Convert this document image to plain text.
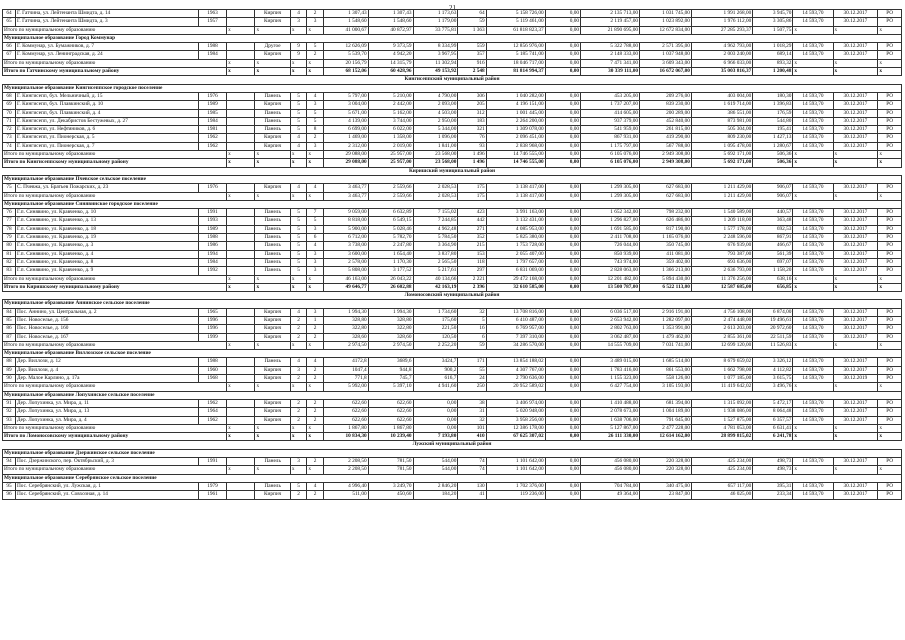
21
64	Г. Гатчина, ул. Лейтенанта Шмидта, д. 14	1963		Кирпич	4	2	1 307,43	1 307,43	1 173,63	64	5 158 726,00	0,00	2 135 713,00	1 031 745,00	1 991 268,00	3 945,70	14 593,70	30.12.2017	РО
65	Г. Гатчина, ул. Лейтенанта Шмидта, д. 3	1957		Кирпич	3	3	1 548,60	1 548,60	1 179,00	59	5 119 461,00	0,00	2 119 457,00	1 023 892,00	1 976 112,00	3 305,86	14 593,70	30.12.2017	РО
Итого по муниципальному образованию			x	x	x	x	41 000,67	40 872,97	33 775,81	1 363	61 818 823,37	0,00	21 890 695,00	12 672 834,00	27 285 293,37	1 507,75	x	x	x
Муниципальное образование Город Коммунар																			
66	Г. Коммунар, ул. Бумажников, д. 7	1988		Другое	9	5	12 626,09	9 373,59	8 334,99	559	12 856 976,00	0,00	5 322 788,00	2 571 395,00	4 962 793,00	1 018,29	14 593,70	30.12.2017	РО
67	Г. Коммунар, ул. Ленинградская, д. 24	1984		Кирпич	9	2	5 539,70	4 942,20	3 967,95	357	5 185 741,00	0,00	2 148 333,00	1 037 948,00	2 003 240,00	689,14	14 593,70	30.12.2017	РО
Итого по муниципальному образованию			x	x	x	x	20 156,79	14 315,79	11 302,94	916	18 046 717,00	0,00	7 471 341,00	3 609 343,00	6 966 033,00	893,32	x	x	x
Итого по Гатчинскому муниципальному району			x	x	x	x	68 152,06	60 428,96	49 153,92	2 548	81 814 994,37	0,00	30 339 111,00	16 672 067,00	35 003 816,37	1 200,48	x	x	x
Кингисеппский муниципальный район																			
Муниципальное образование Кингисеппское городское поселение																			
68	Г. Кингисепп, бул. Мельничный, д. 15	1976		Панель	5	4	5 797,00	5 210,00	4 790,00	306	1 040 282,00	0,00	453 205,00	209 276,00	403 004,00	180,30	14 593,70	30.12.2017	РО
69	Г. Кингисепп, бул. Плавкинский, д. 10	1989		Кирпич	5	3	3 004,00	2 442,00	2 093,00	205	4 196 151,00	0,00	1 737 207,00	839 230,00	1 619 714,00	1 396,83	14 593,70	30.12.2017	РО
70	Г. Кингисепп, бул. Плавкинский, д. 4	1985		Панель	5	5	5 671,00	5 162,00	4 503,00	312	1 001 445,00	0,00	414 605,00	200 289,00	386 551,00	176,59	14 593,70	30.12.2017	РО
71	Г. Кингисепп, ул. Декабристов Бестужевых, д. 27	1984		Панель	5	5	4 139,00	3 744,00	2 950,00	183	2 264 200,00	0,00	937 379,00	452 840,00	873 981,00	544,80	14 593,70	30.12.2017	РО
72	Г. Кингисепп, ул. Нефтяников, д. 6	1981		Панель	5	8	6 699,00	6 022,00	5 344,00	321	1 309 078,00	0,00	541 959,00	261 815,00	505 304,00	195,41	14 593,70	30.12.2017	РО
73	Г. Кингисепп, ул. Пионерская, д. 5	1962		Кирпич	4	2	1 469,00	1 358,00	1 096,00	76	2 096 451,00	0,00	867 931,00	419 290,00	809 230,00	1 427,13	14 593,70	30.12.2017	РО
74	Г. Кингисепп, ул. Пионерская, д. 7	1962		Кирпич	4	3	2 312,00	2 019,00	1 841,00	93	2 838 968,00	0,00	1 175 797,00	567 788,00	1 095 478,00	1 280,67	14 593,70	30.12.2017	РО
Итого по муниципальному образованию			x	x	x	x	29 088,00	25 957,00	23 568,00	1 496	14 746 555,00	0,00	6 105 076,00	2 949 308,00	5 692 171,00	506,36	x	x	x
Итого по Кингисеппскому муниципальному району			x	x	x	x	29 088,00	25 957,00	23 568,00	1 496	14 746 555,00	0,00	6 105 076,00	2 949 308,00	5 692 171,00	506,36	x	x	x
Киришский муниципальный район																			
Муниципальное образование Пчевское сельское поселение																			
75	С. Пчевжа, ул. Братьев Пожарских, д. 23	1976		Кирпич	4	4	3 463,77	2 559,66	2 028,53	175	3 138 417,00	0,00	1 299 305,00	627 683,00	1 211 429,00	906,07	14 593,70	30.12.2017	РО
Итого по муниципальному образованию			x	x	x	x	3 463,77	2 559,66	2 028,53	175	3 138 417,00	0,00	1 299 305,00	627 683,00	1 211 429,00	906,07	x	x	x
Муниципальное образование Синявинское городское поселение																			
76	Г.п. Синявино, ул. Кравченко, д. 10	1991		Панель	5	7	9 059,00	6 632,89	7 155,02	423	3 991 163,00	0,00	1 652 342,00	798 232,00	1 540 589,00	440,57	14 593,70	30.12.2017	РО
77	Г.п. Синявино, ул. Кравченко, д. 13	1993		Панель	5	5	8 818,00	6 549,15	7 244,85	442	3 132 431,00	0,00	1 296 827,00	626 486,00	1 209 118,00	363,48	14 593,70	30.12.2017	РО
78	Г.п. Синявино, ул. Кравченко, д. 18	1989		Панель	5	3	5 900,00	5 028,46	4 962,48	271	4 085 953,00	0,00	1 691 585,00	817 190,00	1 577 178,00	692,53	14 593,70	30.12.2017	РО
79	Г.п. Синявино, ул. Кравченко, д. 19	1988		Панель	5	6	6 712,00	5 782,70	5 784,50	352	5 825 380,00	0,00	2 411 708,00	1 165 076,00	2 248 596,00	867,91	14 593,70	30.12.2017	РО
80	Г.п. Синявино, ул. Кравченко, д. 3	1986		Панель	5	4	3 738,00	2 247,80	3 364,90	215	1 753 728,00	0,00	726 044,00	350 745,00	676 939,00	466,67	14 593,70	30.12.2017	РО
81	Г.п. Синявино, ул. Кравченко, д. 4	1994		Панель	5	3	3 600,00	1 654,40	3 837,80	153	2 055 407,00	0,00	850 939,00	411 081,00	793 387,00	561,39	14 593,70	30.12.2017	РО
82	Г.п. Синявино, ул. Кравченко, д. 8	1984		Панель	5	3	2 578,00	1 170,30	2 565,50	118	1 797 657,00	0,00	743 974,00	359 402,00	693 636,00	697,07	14 593,70	30.12.2017	РО
83	Г.п. Синявино, ул. Кравченко, д. 9	1992		Панель	5	3	5 808,00	3 177,52	5 217,61	297	6 831 069,00	0,00	2 828 063,00	1 366 213,00	2 636 793,00	1 158,20	14 593,70	30.12.2017	РО
Итого по муниципальному образованию			x	x	x	x	46 163,00	26 043,22	40 134,66	2 221	29 472 168,00	0,00	12 201 482,00	5 894 430,00	11 376 256,00	638,16	x	x	x
Итого по Киришскому муниципальному району			x	x	x	x	49 646,77	26 602,88	42 163,19	2 396	32 610 585,00	0,00	13 500 787,00	6 522 113,00	12 587 685,00	656,85	x	x	x
Ломоносовский муниципальный район																			
Муниципальное образование Аннинское сельское поселение																			
84	Пос. Аннино, ул. Центральная, д. 2	1965		Кирпич	4	3	1 994,30	1 994,30	1 734,60	32	13 708 816,00	0,00	6 036 517,00	2 916 191,00	4 756 108,00	6 874,00	14 593,70	30.12.2017	РО
85	Пос. Новоселье, д. 156	1996		Кирпич	2	1	328,80	328,80	175,60	5	6 410 487,00	0,00	2 653 942,00	1 282 097,00	2 474 448,00	19 496,61	14 593,70	30.12.2017	РО
86	Пос. Новоселье, д. 160	1996		Кирпич	2	2	322,80	322,80	221,50	16	6 769 957,00	0,00	2 802 763,00	1 353 991,00	2 613 203,00	20 972,60	14 593,70	30.12.2017	РО
87	Пос. Новоселье, д. 167	1999		Кирпич	2	2	328,60	328,60	120,50	6	7 397 310,00	0,00	3 062 487,00	1 479 462,00	2 855 361,00	22 511,59	14 593,70	30.12.2017	РО
Итого по муниципальному образованию			x	x	x	x	2 974,50	2 974,50	2 252,20	59	34 286 570,00	0,00	14 555 709,00	7 031 741,00	12 699 120,00	11 526,83	x	x	x
Муниципальное образование Виллозское сельское поселение																			
88	Дер. Виллози, д. 12	1988		Панель	4	4	4172,8	3689,6	3424,7	171	13 854 188,02	0,00	3 489 015,00	1 685 514,00	8 679 659,02	3 326,12	14 593,70	30.12.2017	РО
89	Дер. Виллози, д. 4	1960		Кирпич	3	2	1047,4	944,8	900,2	55	4 307 767,00	0,00	1 783 416,00	861 553,00	1 662 798,00	4 112,82	14 593,70	30.12.2017	РО
90	Дер. Малое Карлино, д. 17а	1968		Кирпич	2	2	771,8	745,7	616,7	24	2 790 636,00	0,00	1 155 323,00	558 126,00	1 077 185,00	3 615,75	14 593,70	30.12.2019	РО
Итого по муниципальному образованию			x	x	x	x	5 992,00	5 397,10	4 941,60	250	20 952 589,02	0,00	6 427 754,00	3 105 193,00	11 419 642,02	3 496,76	x	x	x
Муниципальное образование Лопухинское сельское поселение																			
91	Дер. Лопухинка, ул. Мира, д. 11	1962		Кирпич	2	2	622,60	622,60	0,00	38	3 406 974,00	0,00	1 410 488,00	681 394,00	1 315 092,00	5 472,17	14 593,70	30.12.2017	РО
92	Дер. Лопухинка, ул. Мира, д. 13	1964		Кирпич	2	2	622,60	622,60	0,00	31	5 020 948,00	0,00	2 078 673,00	1 004 189,00	1 938 086,00	8 064,48	14 593,70	30.12.2017	РО
93	Дер. Лопухинка, ул. Мира, д. 4	1962		Кирпич	2	2	622,60	622,60	0,00	32	3 958 256,00	0,00	1 638 706,00	791 645,00	1 527 875,00	6 357,57	14 593,70	30.12.2017	РО
Итого по муниципальному образованию			x	x	x	x	1 867,80	1 867,80	0,00	101	12 386 178,00	0,00	5 127 867,00	2 477 228,00	4 781 053,00	6 631,41	x	x	x
Итого по Ломоносовскому муниципальному району			x	x	x	x	10 834,30	10 239,40	7 193,80	410	67 625 307,02	0,00	26 111 330,00	12 614 162,00	28 899 815,02	6 241,78	x	x	x
Лужский муниципальный район																			
Муниципальное образование Дзержинское сельское поселение																			
94	Пос. Дзержинского, пер. Октябрьский, д. 3	1991		Панель	3	2	2 208,50	781,50	544,00	74	1 101 642,00	0,00	456 080,00	220 328,00	425 234,00	498,73	14 593,70	30.12.2017	РО
Итого по муниципальному образованию			x	x	x	x	2 208,50	781,50	544,00	74	1 101 642,00	0,00	456 080,00	220 328,00	425 234,00	498,73	x	x	x
Муниципальное образование Серебрянское сельское поселение																			
95	Пос. Серебрянский, ул. Лужская, д. 1	1979		Панель	5	4	4 996,40	3 249,70	2 846,20	130	1 702 376,00	0,00	704 784,00	340 475,00	657 117,00	395,31	14 593,70	30.12.2017	РО
96	Пос. Серебрянский, ул. Совхозная, д. 14	1961		Кирпич	2	2	511,00	450,60	184,20	41	119 236,00	0,00	49 364,00	23 847,00	46 025,00	233,34	14 593,70	30.12.2017	РО
